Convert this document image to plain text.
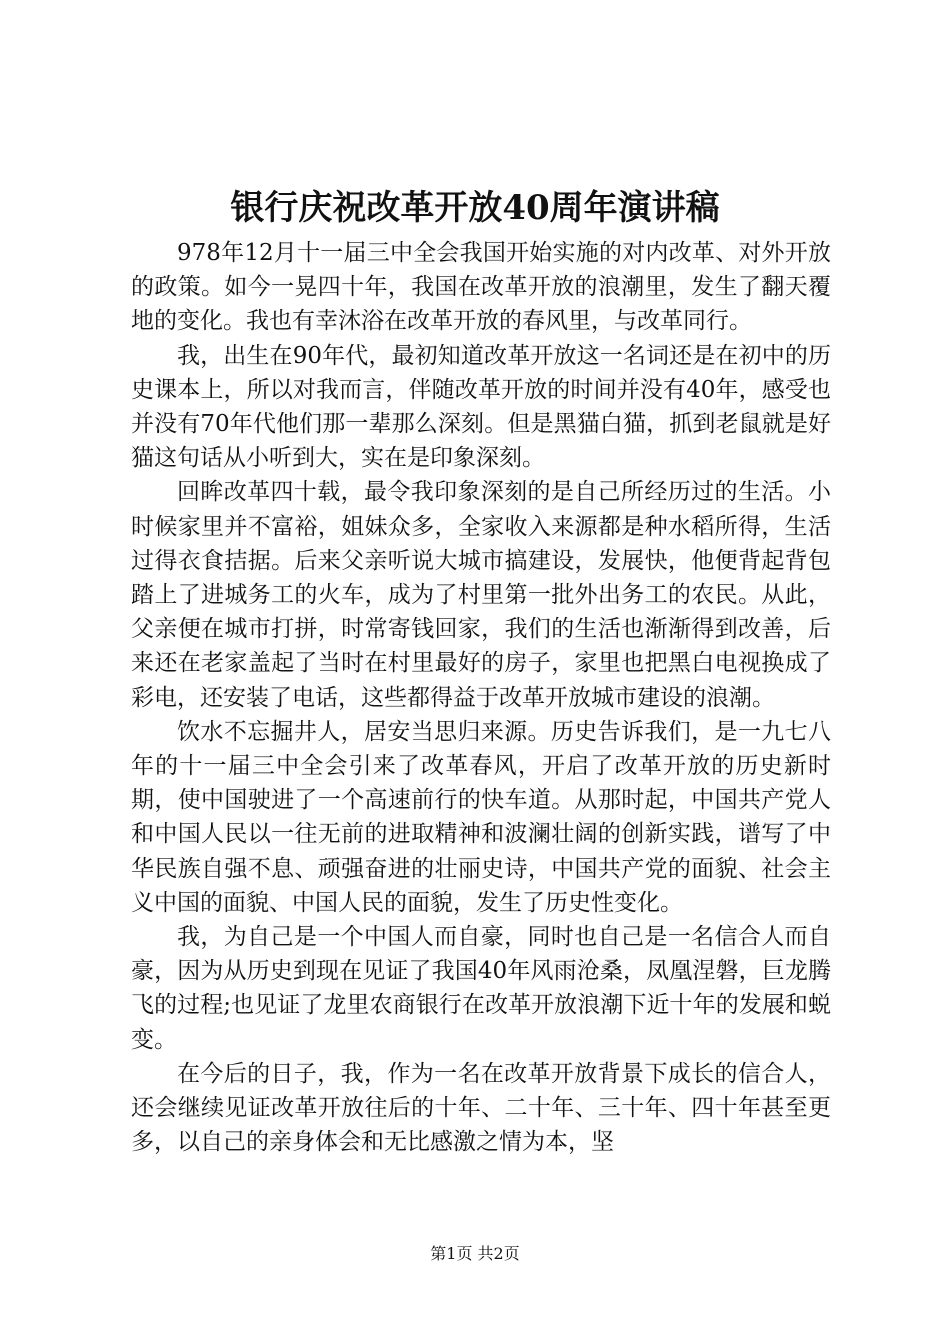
银行庆祝改革开放40周年演讲稿

978年12月十一届三中全会我国开始实施的对内改革、对外开放的政策。如今一晃四十年，我国在改革开放的浪潮里，发生了翻天覆地的变化。我也有幸沐浴在改革开放的春风里，与改革同行。

我，出生在90年代，最初知道改革开放这一名词还是在初中的历史课本上，所以对我而言，伴随改革开放的时间并没有40年，感受也并没有70年代他们那一辈那么深刻。但是黑猫白猫，抓到老鼠就是好猫这句话从小听到大，实在是印象深刻。

回眸改革四十载，最令我印象深刻的是自己所经历过的生活。小时候家里并不富裕，姐妹众多，全家收入来源都是种水稻所得，生活过得衣食拮据。后来父亲听说大城市搞建设，发展快，他便背起背包踏上了进城务工的火车，成为了村里第一批外出务工的农民。从此，父亲便在城市打拼，时常寄钱回家，我们的生活也渐渐得到改善，后来还在老家盖起了当时在村里最好的房子，家里也把黑白电视换成了彩电，还安装了电话，这些都得益于改革开放城市建设的浪潮。

饮水不忘掘井人，居安当思归来源。历史告诉我们，是一九七八年的十一届三中全会引来了改革春风，开启了改革开放的历史新时期，使中国驶进了一个高速前行的快车道。从那时起，中国共产党人和中国人民以一往无前的进取精神和波澜壮阔的创新实践，谱写了中华民族自强不息、顽强奋进的壮丽史诗，中国共产党的面貌、社会主义中国的面貌、中国人民的面貌，发生了历史性变化。

我，为自己是一个中国人而自豪，同时也自己是一名信合人而自豪，因为从历史到现在见证了我国40年风雨沧桑，凤凰涅磐，巨龙腾飞的过程;也见证了龙里农商银行在改革开放浪潮下近十年的发展和蜕变。

在今后的日子，我，作为一名在改革开放背景下成长的信合人，还会继续见证改革开放往后的十年、二十年、三十年、四十年甚至更多，以自己的亲身体会和无比感激之情为本，坚

第1页 共2页
